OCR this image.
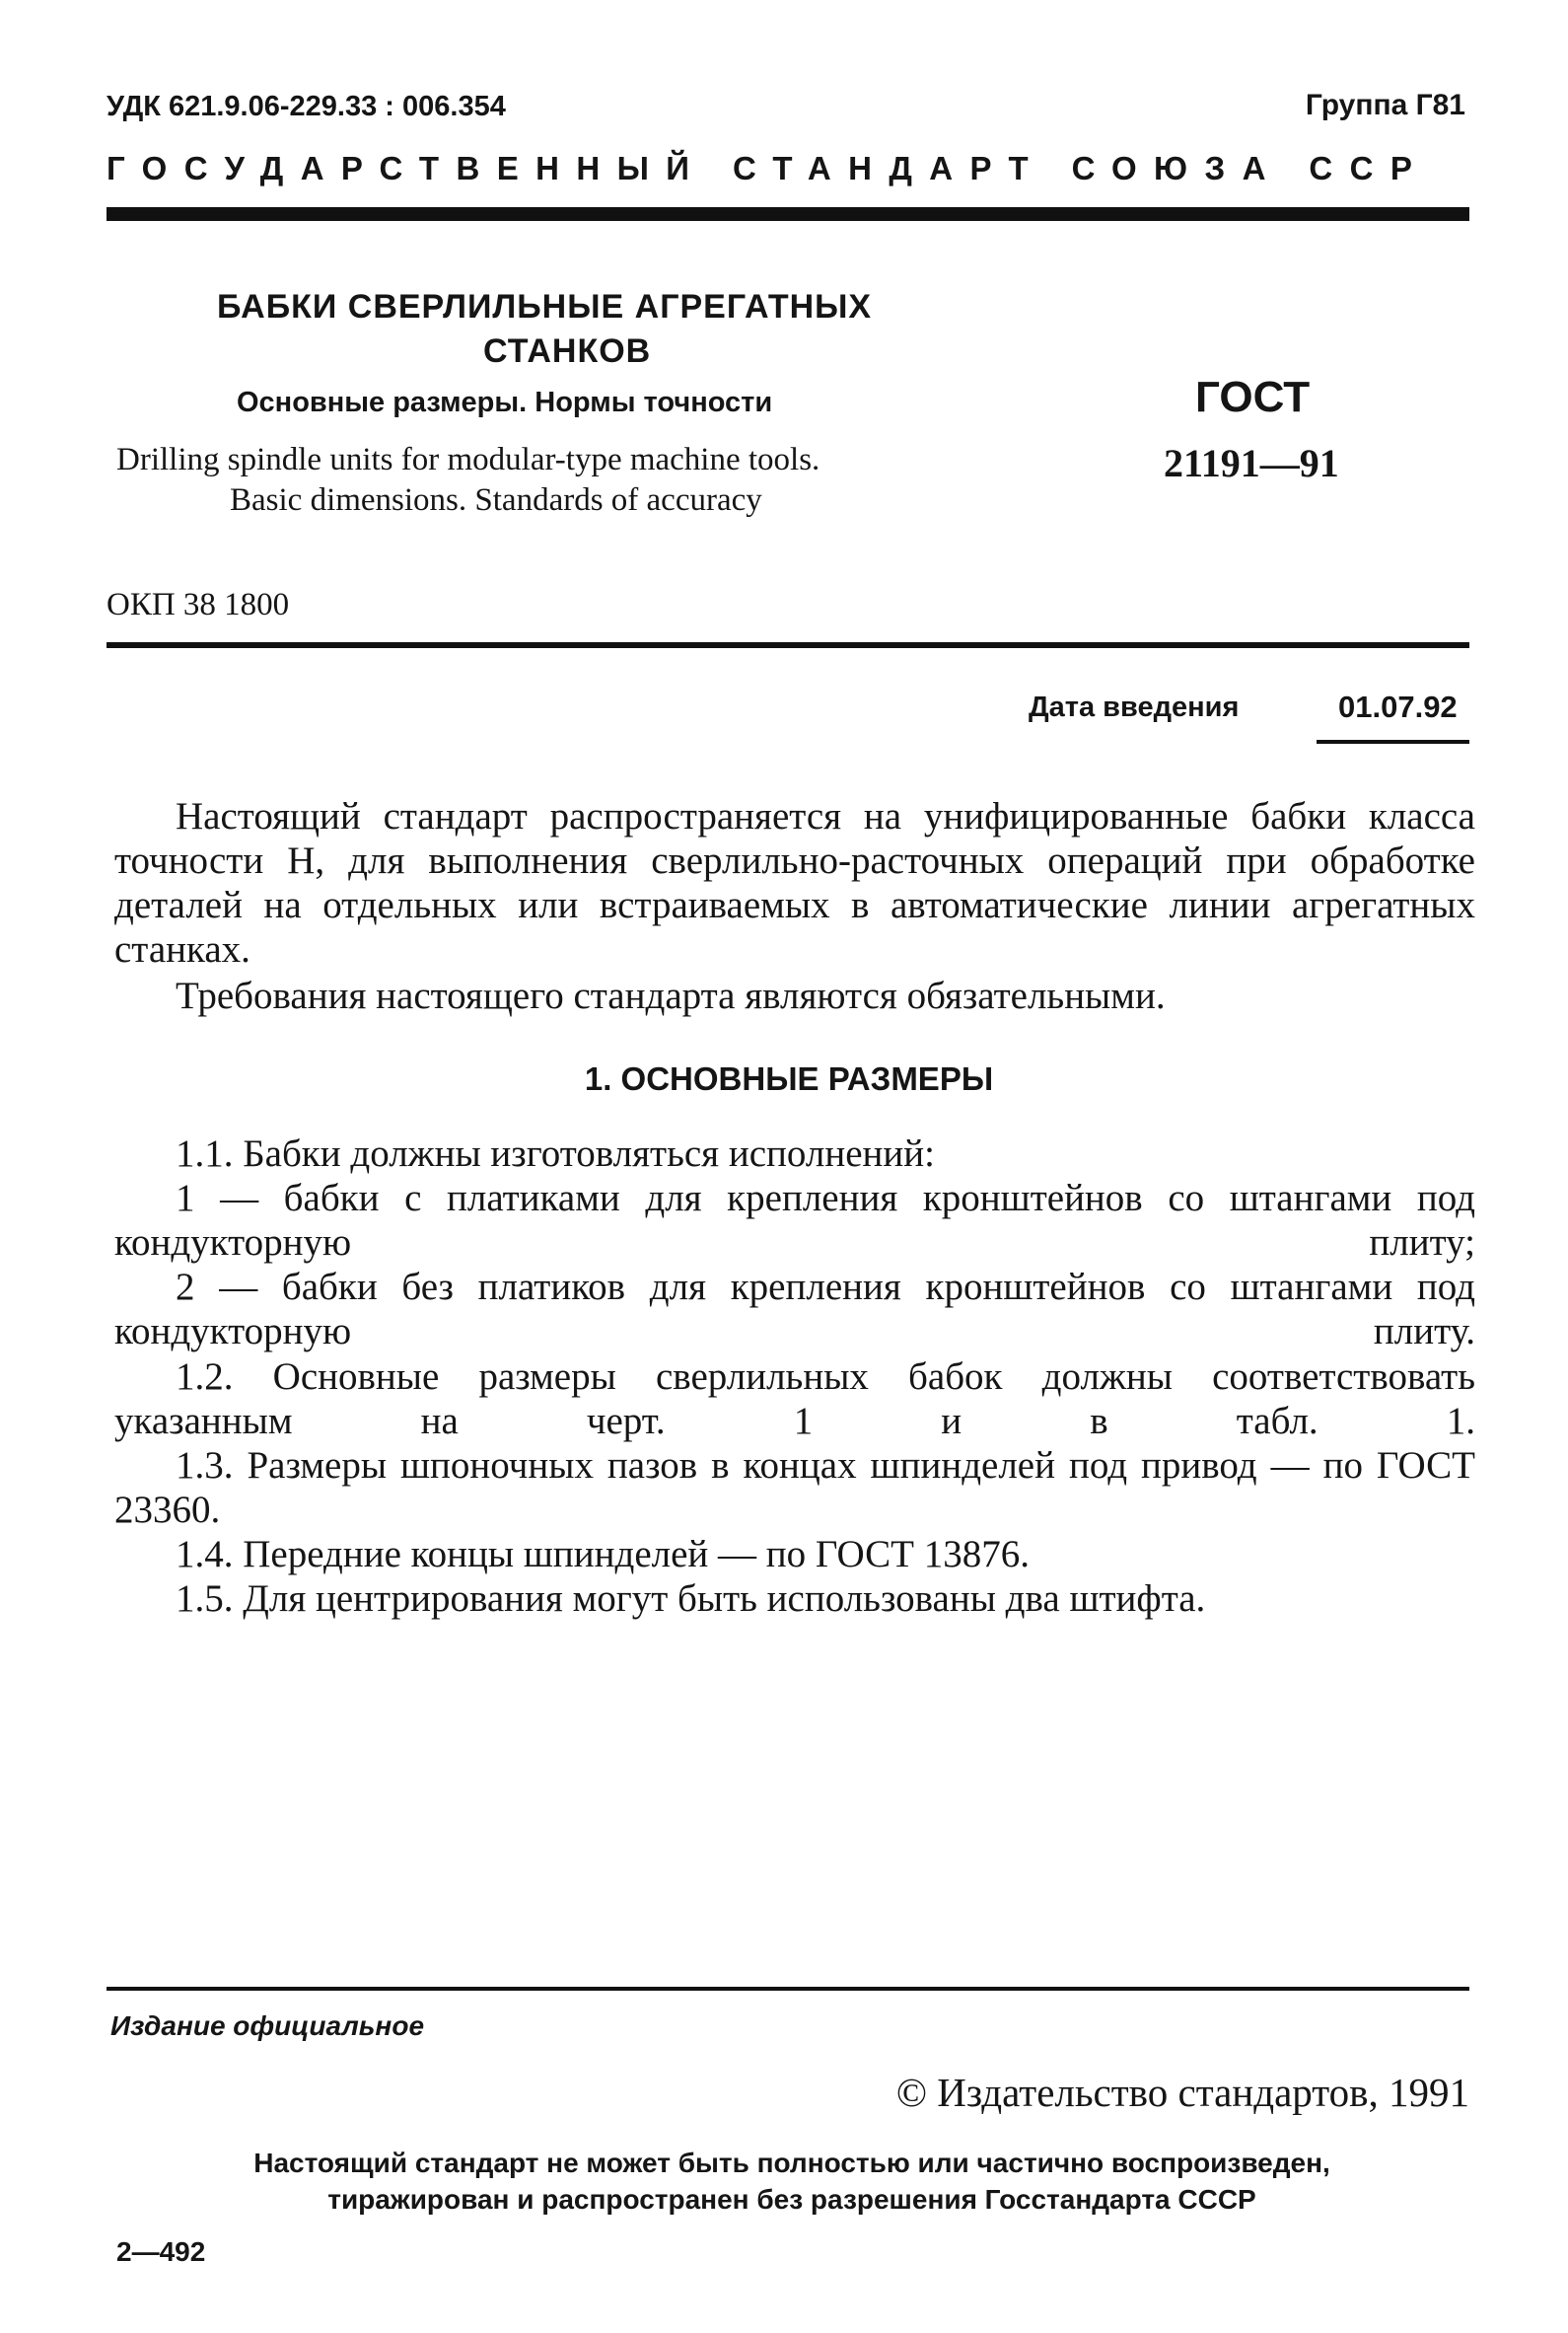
УДК 621.9.06-229.33 : 006.354	Группа Г81
ГОСУДАРСТВЕННЫЙ СТАНДАРТ СОЮЗА ССР
БАБКИ СВЕРЛИЛЬНЫЕ АГРЕГАТНЫХ
СТАНКОВ
Основные размеры. Нормы точности
Drilling spindle units for modular-type machine tools.
Basic dimensions. Standards of accuracy
ГОСТ
21191—91
ОКП 38 1800
Дата введения	01.07.92
Настоящий стандарт распространяется на унифицированные бабки класса точности Н, для выполнения сверлильно-расточных операций при обработке деталей на отдельных или встраиваемых в автоматические линии агрегатных станках.
Требования настоящего стандарта являются обязательными.
1. ОСНОВНЫЕ РАЗМЕРЫ
1.1. Бабки должны изготовляться исполнений:
1 — бабки с платиками для крепления кронштейнов со штангами под кондукторную плиту;
2 — бабки без платиков для крепления кронштейнов со штангами под кондукторную плиту.
1.2. Основные размеры сверлильных бабок должны соответствовать указанным на черт. 1 и в табл. 1.
1.3. Размеры шпоночных пазов в концах шпинделей под привод — по ГОСТ 23360.
1.4. Передние концы шпинделей — по ГОСТ 13876.
1.5. Для центрирования могут быть использованы два штифта.
Издание официальное
© Издательство стандартов, 1991
Настоящий стандарт не может быть полностью или частично воспроизведен,
тиражирован и распространен без разрешения Госстандарта СССР
2—492
